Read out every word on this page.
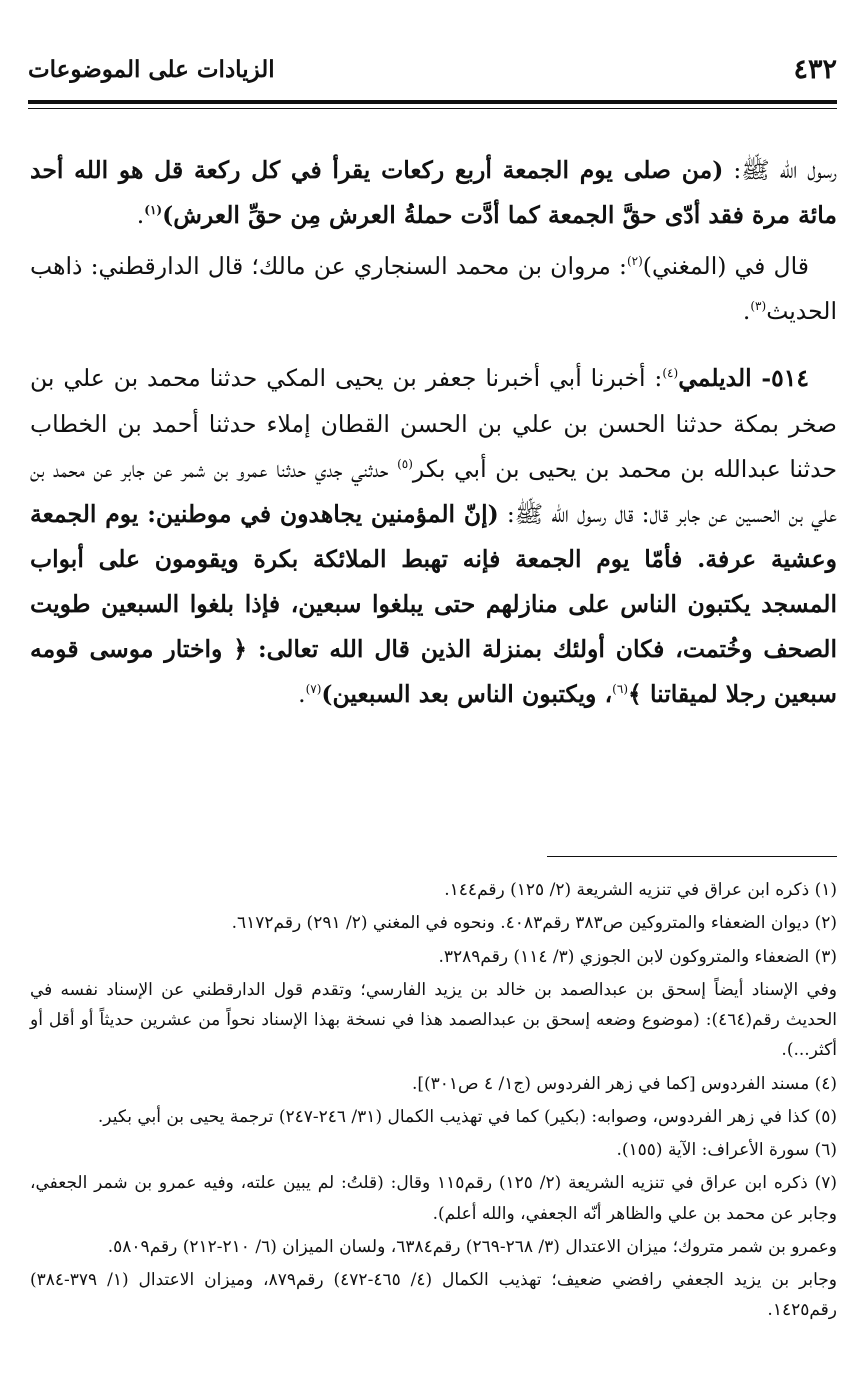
٤٣٢
الزيادات على الموضوعات

رسول الله ﷺ: (من صلى يوم الجمعة أربع ركعات يقرأ في كل ركعة قل هو الله أحد مائة مرة فقد أدّى حقَّ الجمعة كما أدَّت حملةُ العرش مِن حقِّ العرش)$^{(١)}$.

قال في (المغني)$^{(٢)}$: مروان بن محمد السنجاري عن مالك؛ قال الدارقطني: ذاهب الحديث$^{(٣)}$.

٥١٤- الديلمي$^{(٤)}$: أخبرنا أبي أخبرنا جعفر بن يحيى المكي حدثنا محمد بن علي بن صخر بمكة حدثنا الحسن بن علي بن الحسن القطان إملاء حدثنا أحمد بن الخطاب حدثنا عبدالله بن محمد بن يحيى بن أبي بكر$^{(٥)}$ حدثني جدي حدثنا عمرو بن شمر عن جابر عن محمد بن علي بن الحسين عن جابر قال: قال رسول الله ﷺ: (إنّ المؤمنين يجاهدون في موطنين: يوم الجمعة وعشية عرفة. فأمّا يوم الجمعة فإنه تهبط الملائكة بكرة ويقومون على أبواب المسجد يكتبون الناس على منازلهم حتى يبلغوا سبعين، فإذا بلغوا السبعين طويت الصحف وخُتمت، فكان أولئك بمنزلة الذين قال الله تعالى: ﴿ واختار موسى قومه سبعين رجلا لميقاتنا ﴾$^{(٦)}$، ويكتبون الناس بعد السبعين)$^{(٧)}$.

(١) ذكره ابن عراق في تنزيه الشريعة (٢/ ١٢٥) رقم١٤٤.

(٢) ديوان الضعفاء والمتروكين ص٣٨٣ رقم٤٠٨٣. ونحوه في المغني (٢/ ٢٩١) رقم٦١٧٢.

(٣) الضعفاء والمتروكون لابن الجوزي (٣/ ١١٤) رقم٣٢٨٩.

وفي الإسناد أيضاً إسحق بن عبدالصمد بن خالد بن يزيد الفارسي؛ وتقدم قول الدارقطني عن الإسناد نفسه في الحديث رقم(٤٦٤): (موضوع وضعه إسحق بن عبدالصمد هذا في نسخة بهذا الإسناد نحواً من عشرين حديثاً أو أقل أو أكثر...).

(٤) مسند الفردوس [كما في زهر الفردوس (ج١/ ٤ ص٣٠١)].

(٥) كذا في زهر الفردوس، وصوابه: (بكير) كما في تهذيب الكمال (٣١/ ٢٤٦-٢٤٧) ترجمة يحيى بن أبي بكير.

(٦) سورة الأعراف: الآية (١٥٥).

(٧) ذكره ابن عراق في تنزيه الشريعة (٢/ ١٢٥) رقم١١٥ وقال: (قلتُ: لم يبين علته، وفيه عمرو بن شمر الجعفي، وجابر عن محمد بن علي والظاهر أنّه الجعفي، والله أعلم).

وعمرو بن شمر متروك؛ ميزان الاعتدال (٣/ ٢٦٨-٢٦٩) رقم٦٣٨٤، ولسان الميزان (٦/ ٢١٠-٢١٢) رقم٥٨٠٩.

وجابر بن يزيد الجعفي رافضي ضعيف؛ تهذيب الكمال (٤/ ٤٦٥-٤٧٢) رقم٨٧٩، وميزان الاعتدال (١/ ٣٧٩-٣٨٤) رقم١٤٢٥.
